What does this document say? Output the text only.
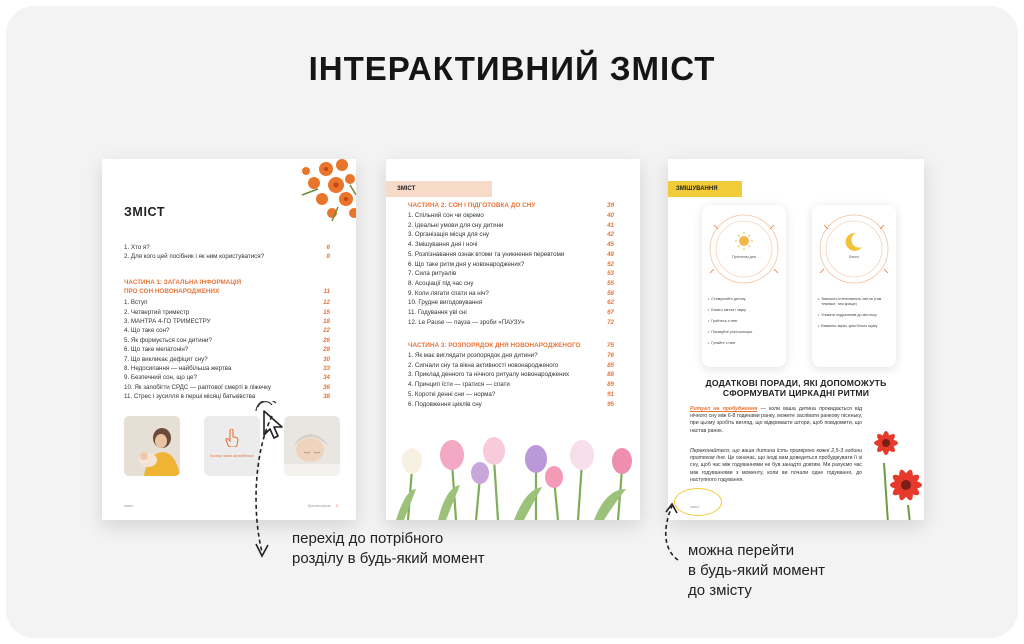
ІНТЕРАКТИВНИЙ ЗМІСТ
ЗМІСТ
1. Хто я?	6
2. Для кого цей посібник і як ним користуватися?	8
ЧАСТИНА 1: ЗАГАЛЬНА ІНФОРМАЦІЯ
ПРО СОН НОВОНАРОДЖЕНИХ	11
1. Вступ	12
2. Четвертий триместр	15
3. МАНТРА 4-ГО ТРИМЕСТРУ	18
4. Що таке сон?	22
5. Як формується сон дитини?	26
6. Що таке мелатонін?	28
7. Що викликає дефіцит сну?	30
8. Недосипання — найбільша жертва	33
9. Безпечний сон, що це?	34
10. Як запобігти СРДС — раптової смерті в ліжечку	36
11. Стрес і зусилля в перші місяці батьківства	38
Кнопки зміни активібельні
зміст	@somnakids 2
ЗМІСТ
ЧАСТИНА 2: СОН І ПІДГОТОВКА ДО СНУ	39
1. Спільний сон чи окремо	40
2. Ідеальні умови для сну дитини	41
3. Організація місця для сну	42
4. Змішування дня і ночі	45
5. Розпізнавання ознак втоми та уникнення перевтоми	48
6. Що таке ритм дня у новонароджених?	52
7. Сила ритуалів	53
8. Асоціації під час сну	55
9. Коли лягати спати на ніч?	58
10. Грудне вигодовування	62
11. Годування уві сні	67
12. Le Pause — пауза — зроби «ПАУЗУ»	72
ЧАСТИНА 3: РОЗПОРЯДОК ДНЯ НОВОНАРОДЖЕНОГО	75
1. Як має виглядати розпорядок дня дитини?	76
2. Сигнали сну та вікна активності новонародженого	85
3. Приклад денного та нічного ритуалу новонароджених	88
4. Принцип їсти — гратися — спати	89
5. Короткі денні сни — норма?	91
6. Подовження циклів сну	95
ЗМІШУВАННЯ
Протягом дня
• Стимулюйте дитину
• Багато світла і звуку
• Грайтесь з нею
• Показуйте різні кольори
• Гуляйте з нею
Вночі
• Зменшіть інтенсивність світла (тим темніше, тим краще)
• Уникати подразників до мін-ньку
• Вимкніть звуки, крім білого шуму
ДОДАТКОВІ ПОРАДИ, ЯКІ ДОПОМОЖУТЬ
СФОРМУВАТИ ЦИРКАДНІ РИТМИ
Ритуал на пробудження — коли ваша дитина прокидається від нічного сну між 6-8 годинами ранку, можете заспівати ранкову пісеньку, при цьому зробіть вигляд, що відкриваєте штори, щоб повідомити, що настав ранок.
Переконайтеся, що ваша дитина їсть приміряно кожні 2,5-3 години протягом дня. Це означає, що іноді вам доведеться пробуджувати її зі сну, щоб час між годуваннями не був занадто довгим. Ми рахуємо час між годуваннями з моменту, коли ви почали одне годування, до наступного годування.
зміст
перехід до потрібного
розділу в будь-який момент	можна перейти
в будь-який момент
до змісту
